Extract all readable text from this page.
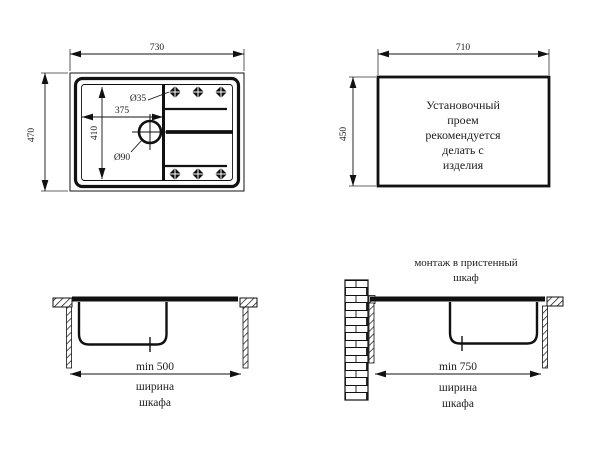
730
470
375
410
Ø35
Ø90
710
450
Установочный
проем
рекомендуется
делать с
изделия
min 500
ширина
шкафа
монтаж в пристенный
шкаф
min 750
ширина
шкафа
